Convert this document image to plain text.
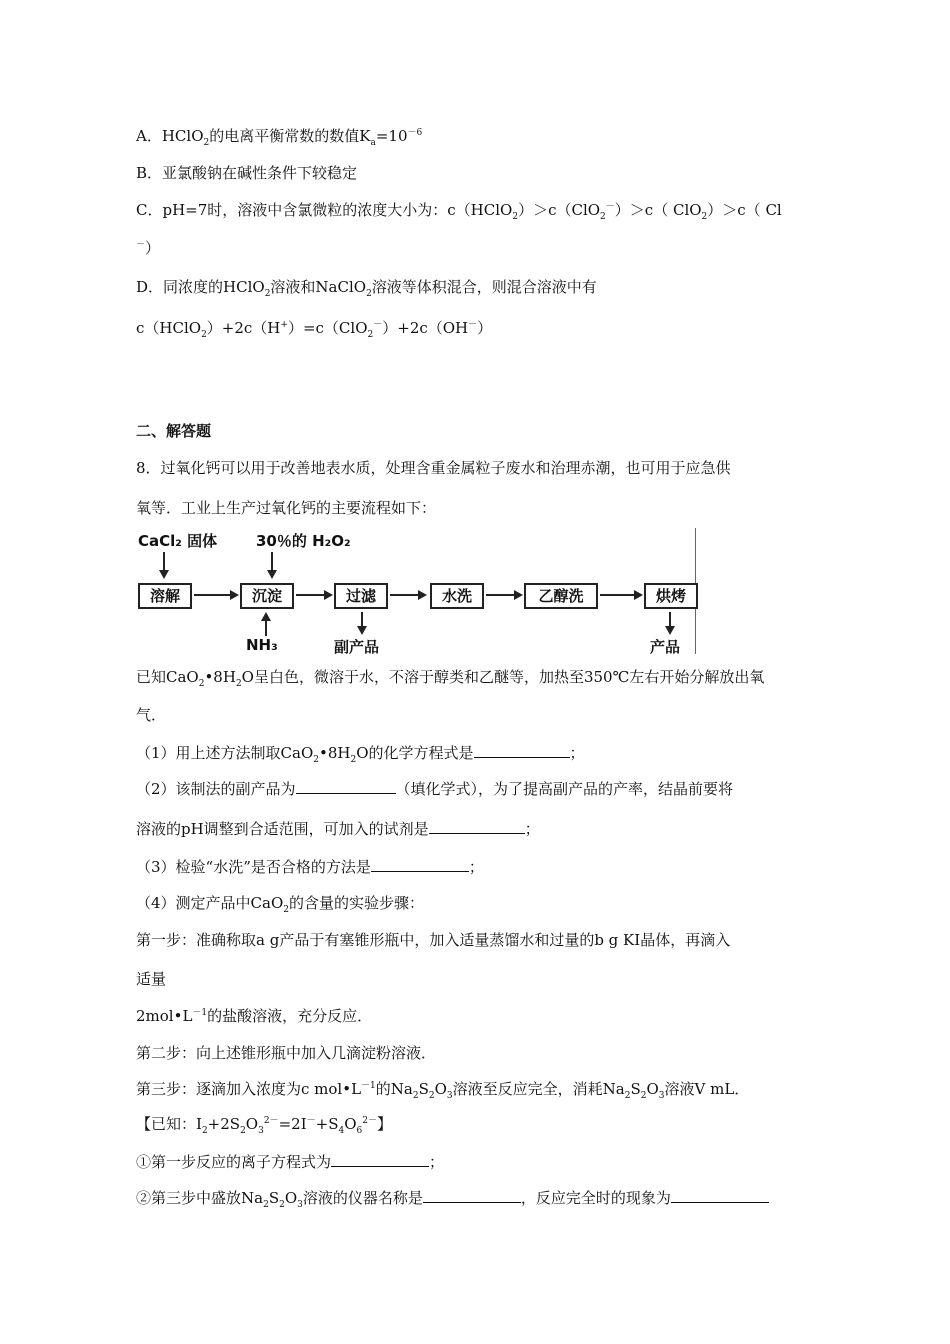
A．HClO$_2$的电离平衡常数的数值$K_a=10^{-6}$
B．亚氯酸钠在碱性条件下较稳定
C．pH=7时，溶液中含氯微粒的浓度大小为：c（HClO$_2$）＞c（ClO$_2$－）＞c（ ClO$_2$）＞c（ Cl
－）
D．同浓度的HClO$_2$溶液和NaClO$_2$溶液等体积混合，则混合溶液中有
c（HClO$_2$）+2c（H+）=c（ClO$_2$－）+2c（OH－）
二、解答题
8．过氧化钙可以用于改善地表水质，处理含重金属粒子废水和治理赤潮，也可用于应急供
氧等．工业上生产过氧化钙的主要流程如下：
CaCl₂ 固体	30％的 H₂O₂
溶解	沉淀	过滤	水洗	乙醇洗	烘烤
NH₃	副产品	产品
已知$CaO_2•8H_2O$呈白色，微溶于水，不溶于醇类和乙醚等，加热至350℃左右开始分解放出氧
气．
（1）用上述方法制取$CaO_2•8H_2O$的化学方程式是	；
（2）该制法的副产品为	（填化学式），为了提高副产品的产率，结晶前要将
溶液的pH调整到合适范围，可加入的试剂是	；
（3）检验“水洗”是否合格的方法是	；
（4）测定产品中CaO$_2$的含量的实验步骤：
第一步：准确称取a g产品于有塞锥形瓶中，加入适量蒸馏水和过量的b g KI晶体，再滴入
适量
$2mol•L^{-1}$的盐酸溶液，充分反应．
第二步：向上述锥形瓶中加入几滴淀粉溶液．
第三步：逐滴加入浓度为c $mol•L^{-1}$的$Na_2S_2O_3$溶液至反应完全，消耗$Na_2S_2O_3$溶液V mL．
【已知：$I_2+2S_2O_3^{2-}=2I^-+S_4O_6^{2-}$】
①第一步反应的离子方程式为	；
②第三步中盛放$Na_2S_2O_3$溶液的仪器名称是	，反应完全时的现象为
